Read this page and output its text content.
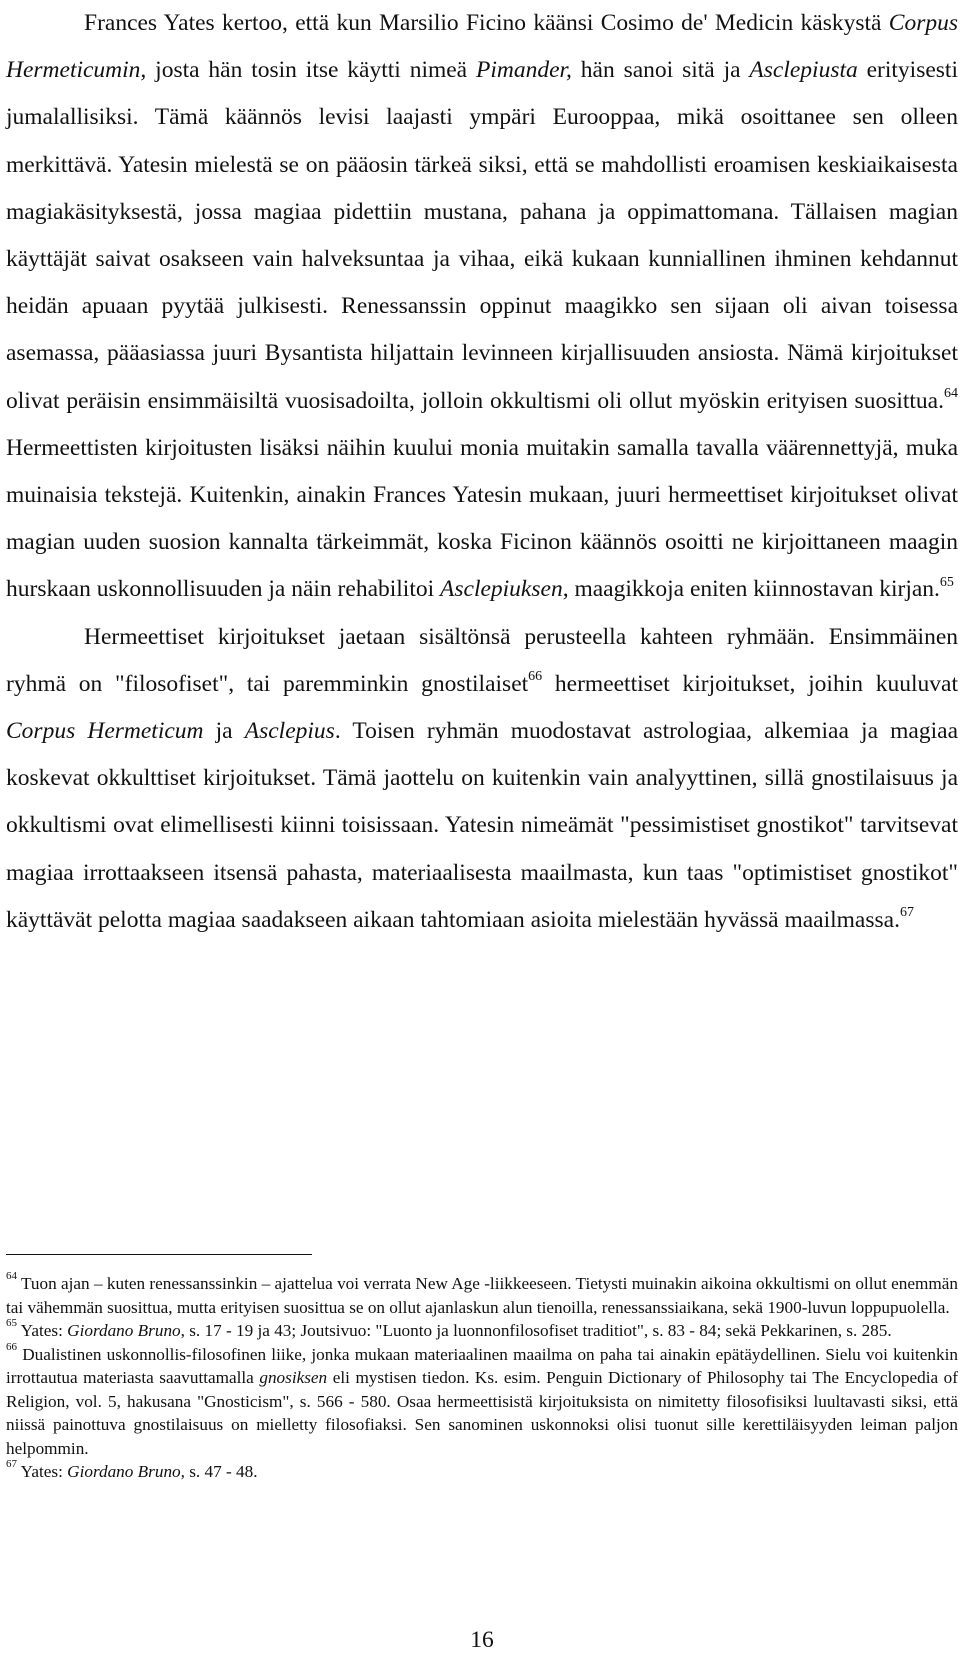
Frances Yates kertoo, että kun Marsilio Ficino käänsi Cosimo de' Medicin käskystä Corpus Hermeticumin, josta hän tosin itse käytti nimeä Pimander, hän sanoi sitä ja Asclepiusta erityisesti jumalallisiksi. Tämä käännös levisi laajasti ympäri Eurooppaa, mikä osoittanee sen olleen merkittävä. Yatesin mielestä se on pääosin tärkeä siksi, että se mahdollisti eroamisen keskiaikaisesta magiakäsityksestä, jossa magiaa pidettiin mustana, pahana ja oppimattomana. Tällaisen magian käyttäjät saivat osakseen vain halveksuntaa ja vihaa, eikä kukaan kunniallinen ihminen kehdannut heidän apuaan pyytää julkisesti. Renessanssin oppinut maagikko sen sijaan oli aivan toisessa asemassa, pääasiassa juuri Bysantista hiljattain levinneen kirjallisuuden ansiosta. Nämä kirjoitukset olivat peräisin ensimmäisiltä vuosisadoilta, jolloin okkultismi oli ollut myöskin erityisen suosittua.$^{64}$ Hermeettisten kirjoitusten lisäksi näihin kuului monia muitakin samalla tavalla väärennettyjä, muka muinaisia tekstejä. Kuitenkin, ainakin Frances Yatesin mukaan, juuri hermeettiset kirjoitukset olivat magian uuden suosion kannalta tärkeimmät, koska Ficinon käännös osoitti ne kirjoittaneen maagin hurskaan uskonnollisuuden ja näin rehabilitoi Asclepiuksen, maagikkoja eniten kiinnostavan kirjan.$^{65}$

Hermeettiset kirjoitukset jaetaan sisältönsä perusteella kahteen ryhmään. Ensimmäinen ryhmä on "filosofiset", tai paremminkin gnostilaiset$^{66}$ hermeettiset kirjoitukset, joihin kuuluvat Corpus Hermeticum ja Asclepius. Toisen ryhmän muodostavat astrologiaa, alkemiaa ja magiaa koskevat okkulttiset kirjoitukset. Tämä jaottelu on kuitenkin vain analyyttinen, sillä gnostilaisuus ja okkultismi ovat elimellisesti kiinni toisissaan. Yatesin nimeämät "pessimistiset gnostikot" tarvitsevat magiaa irrottaakseen itsensä pahasta, materiaalisesta maailmasta, kun taas "optimistiset gnostikot" käyttävät pelotta magiaa saadakseen aikaan tahtomiaan asioita mielestään hyvässä maailmassa.$^{67}$

$^{64}$ Tuon ajan – kuten renessanssinkin – ajattelua voi verrata New Age -liikkeeseen. Tietysti muinakin aikoina okkultismi on ollut enemmän tai vähemmän suosittua, mutta erityisen suosittua se on ollut ajanlaskun alun tienoilla, renessanssiaikana, sekä 1900-luvun loppupuolella.

$^{65}$ Yates: Giordano Bruno, s. 17 - 19 ja 43; Joutsivuo: "Luonto ja luonnonfilosofiset traditiot", s. 83 - 84; sekä Pekkarinen, s. 285.

$^{66}$ Dualistinen uskonnollis-filosofinen liike, jonka mukaan materiaalinen maailma on paha tai ainakin epätäydellinen. Sielu voi kuitenkin irrottautua materiasta saavuttamalla gnosiksen eli mystisen tiedon. Ks. esim. Penguin Dictionary of Philosophy tai The Encyclopedia of Religion, vol. 5, hakusana "Gnosticism", s. 566 - 580. Osaa hermeettisistä kirjoituksista on nimitetty filosofisiksi luultavasti siksi, että niissä painottuva gnostilaisuus on mielletty filosofiaksi. Sen sanominen uskonnoksi olisi tuonut sille kerettiläisyyden leiman paljon helpommin.

$^{67}$ Yates: Giordano Bruno, s. 47 - 48.

16
